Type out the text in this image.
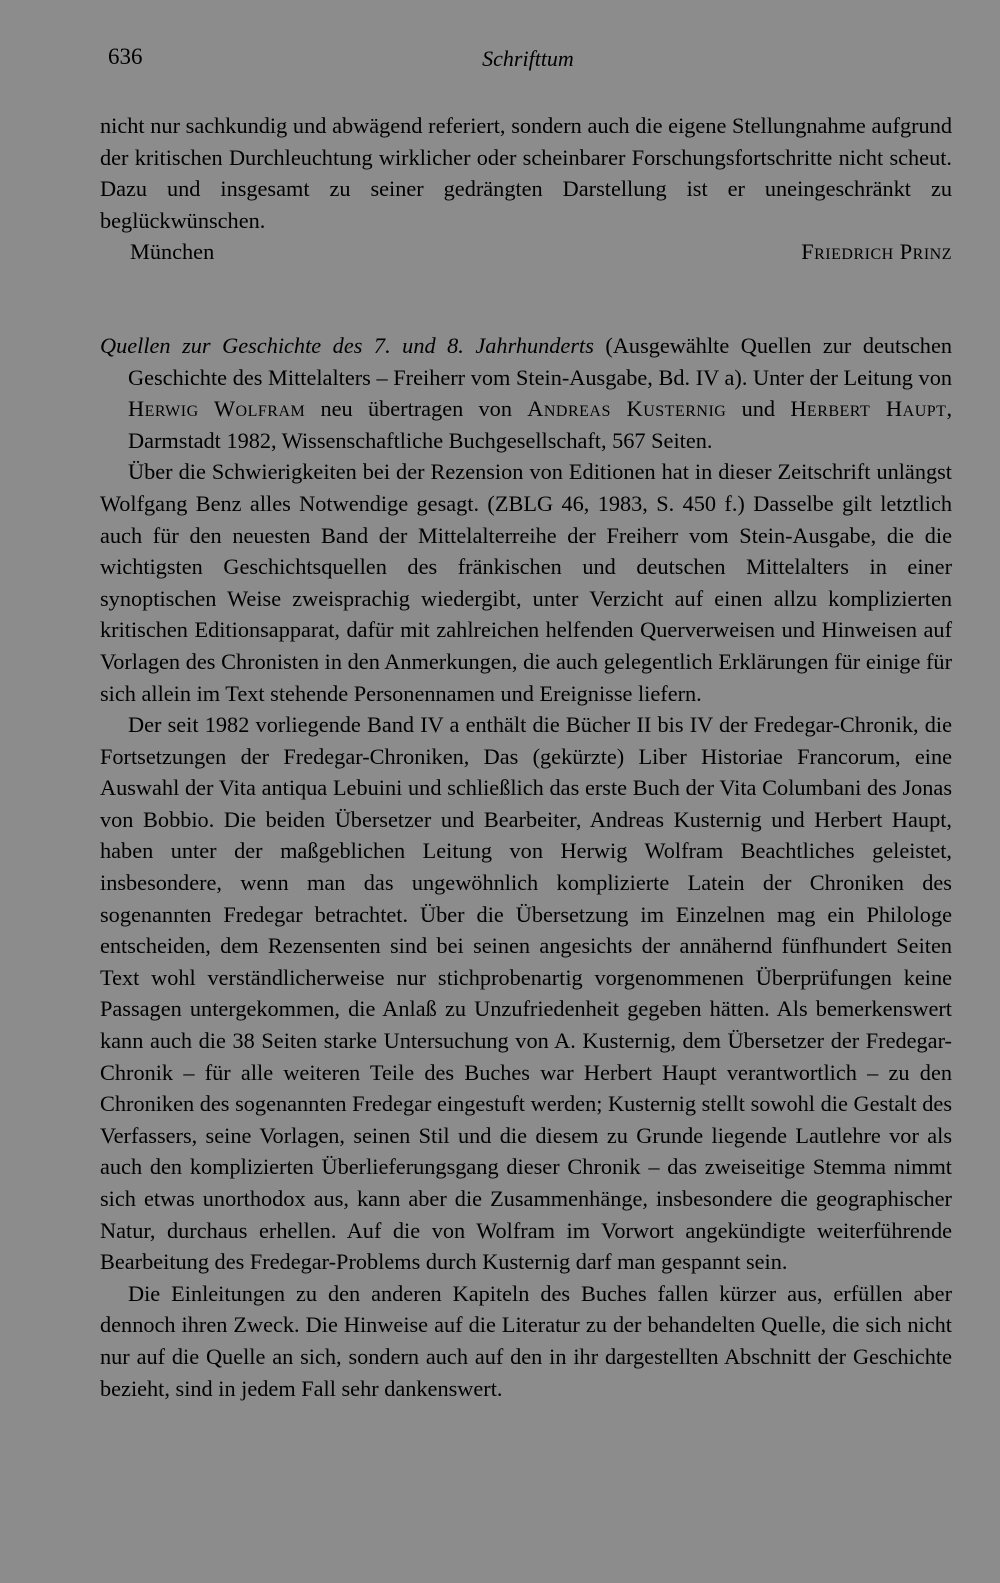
636	Schrifttum

nicht nur sachkundig und abwägend referiert, sondern auch die eigene Stellungnahme aufgrund der kritischen Durchleuchtung wirklicher oder scheinbarer Forschungsfortschritte nicht scheut. Dazu und insgesamt zu seiner gedrängten Darstellung ist er uneingeschränkt zu beglückwünschen.

München	Friedrich Prinz

Quellen zur Geschichte des 7. und 8. Jahrhunderts (Ausgewählte Quellen zur deutschen Geschichte des Mittelalters – Freiherr vom Stein-Ausgabe, Bd. IV a). Unter der Leitung von Herwig Wolfram neu übertragen von Andreas Kusternig und Herbert Haupt, Darmstadt 1982, Wissenschaftliche Buchgesellschaft, 567 Seiten.

Über die Schwierigkeiten bei der Rezension von Editionen hat in dieser Zeitschrift unlängst Wolfgang Benz alles Notwendige gesagt. (ZBLG 46, 1983, S. 450 f.) Dasselbe gilt letztlich auch für den neuesten Band der Mittelalterreihe der Freiherr vom Stein-Ausgabe, die die wichtigsten Geschichtsquellen des fränkischen und deutschen Mittelalters in einer synoptischen Weise zweisprachig wiedergibt, unter Verzicht auf einen allzu komplizierten kritischen Editionsapparat, dafür mit zahlreichen helfenden Querverweisen und Hinweisen auf Vorlagen des Chronisten in den Anmerkungen, die auch gelegentlich Erklärungen für einige für sich allein im Text stehende Personennamen und Ereignisse liefern.

Der seit 1982 vorliegende Band IV a enthält die Bücher II bis IV der Fredegar-Chronik, die Fortsetzungen der Fredegar-Chroniken, Das (gekürzte) Liber Historiae Francorum, eine Auswahl der Vita antiqua Lebuini und schließlich das erste Buch der Vita Columbani des Jonas von Bobbio. Die beiden Übersetzer und Bearbeiter, Andreas Kusternig und Herbert Haupt, haben unter der maßgeblichen Leitung von Herwig Wolfram Beachtliches geleistet, insbesondere, wenn man das ungewöhnlich komplizierte Latein der Chroniken des sogenannten Fredegar betrachtet. Über die Übersetzung im Einzelnen mag ein Philologe entscheiden, dem Rezensenten sind bei seinen angesichts der annähernd fünfhundert Seiten Text wohl verständlicherweise nur stichprobenartig vorgenommenen Überprüfungen keine Passagen untergekommen, die Anlaß zu Unzufriedenheit gegeben hätten. Als bemerkenswert kann auch die 38 Seiten starke Untersuchung von A. Kusternig, dem Übersetzer der Fredegar-Chronik – für alle weiteren Teile des Buches war Herbert Haupt verantwortlich – zu den Chroniken des sogenannten Fredegar eingestuft werden; Kusternig stellt sowohl die Gestalt des Verfassers, seine Vorlagen, seinen Stil und die diesem zu Grunde liegende Lautlehre vor als auch den komplizierten Überlieferungsgang dieser Chronik – das zweiseitige Stemma nimmt sich etwas unorthodox aus, kann aber die Zusammenhänge, insbesondere die geographischer Natur, durchaus erhellen. Auf die von Wolfram im Vorwort angekündigte weiterführende Bearbeitung des Fredegar-Problems durch Kusternig darf man gespannt sein.

Die Einleitungen zu den anderen Kapiteln des Buches fallen kürzer aus, erfüllen aber dennoch ihren Zweck. Die Hinweise auf die Literatur zu der behandelten Quelle, die sich nicht nur auf die Quelle an sich, sondern auch auf den in ihr dargestellten Abschnitt der Geschichte bezieht, sind in jedem Fall sehr dankenswert.
